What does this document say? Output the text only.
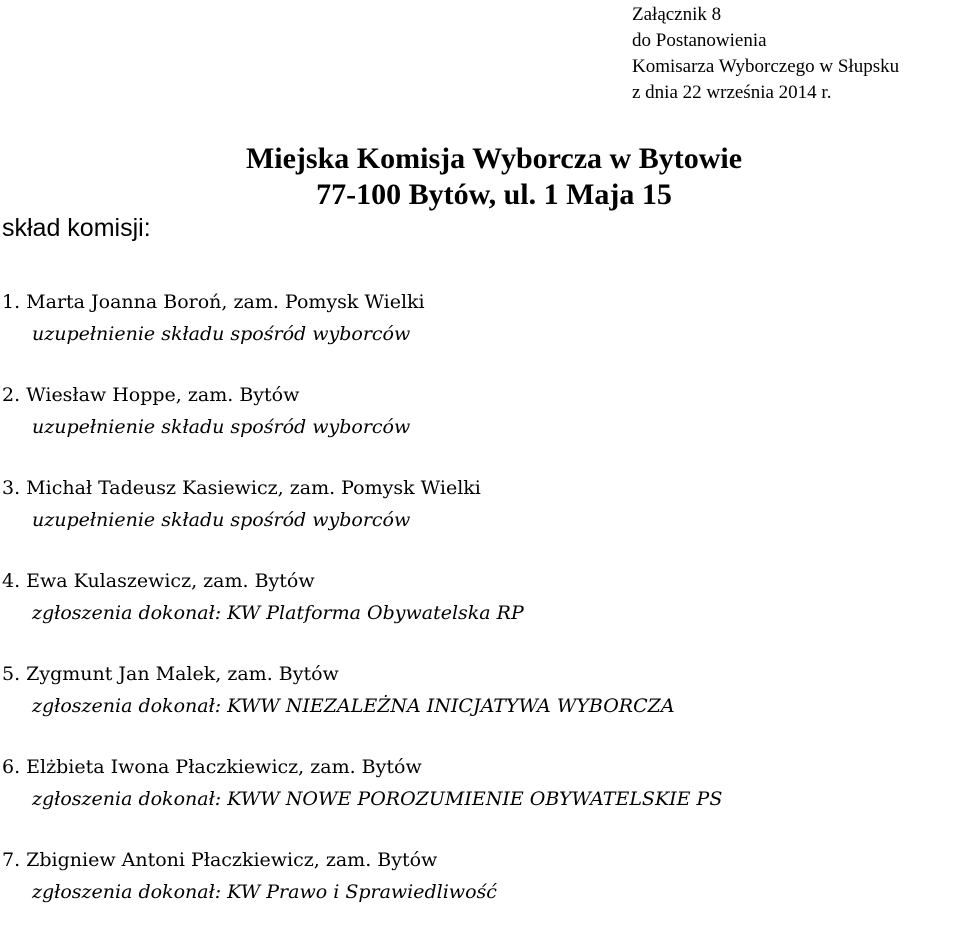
Załącznik 8
do Postanowienia
Komisarza Wyborczego w Słupsku
z dnia 22 września 2014 r.
Miejska Komisja Wyborcza w Bytowie
77-100 Bytów, ul. 1 Maja 15
skład komisji:
1. Marta Joanna Boroń, zam. Pomysk Wielki
uzupełnienie składu spośród wyborców
2. Wiesław Hoppe, zam. Bytów
uzupełnienie składu spośród wyborców
3. Michał Tadeusz Kasiewicz, zam. Pomysk Wielki
uzupełnienie składu spośród wyborców
4. Ewa Kulaszewicz, zam. Bytów
zgłoszenia dokonał: KW Platforma Obywatelska RP
5. Zygmunt Jan Malek, zam. Bytów
zgłoszenia dokonał: KWW NIEZALEŻNA INICJATYWA WYBORCZA
6. Elżbieta Iwona Płaczkiewicz, zam. Bytów
zgłoszenia dokonał: KWW NOWE POROZUMIENIE OBYWATELSKIE PS
7. Zbigniew Antoni Płaczkiewicz, zam. Bytów
zgłoszenia dokonał: KW Prawo i Sprawiedliwość
